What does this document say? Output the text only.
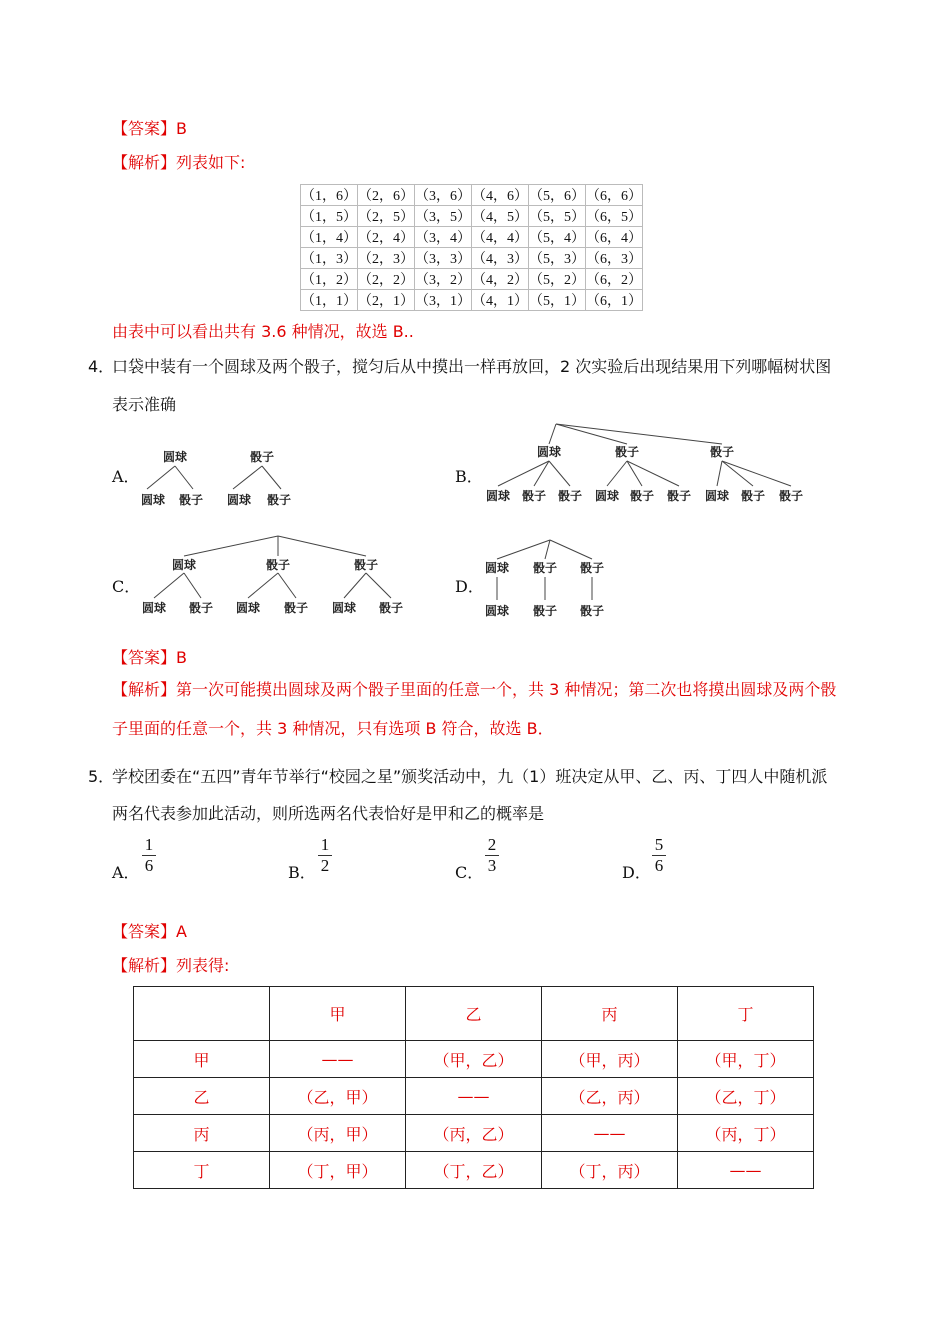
【答案】B
【解析】列表如下:
（1，6）	（2，6）	（3，6）	（4，6）	（5，6）	（6，6）
（1，5）	（2，5）	（3，5）	（4，5）	（5，5）	（6，5）
（1，4）	（2，4）	（3，4）	（4，4）	（5，4）	（6，4）
（1，3）	（2，3）	（3，3）	（4，3）	（5，3）	（6，3）
（1，2）	（2，2）	（3，2）	（4，2）	（5，2）	（6，2）
（1，1）	（2，1）	（3，1）	（4，1）	（5，1）	（6，1）
由表中可以看出共有 3.6 种情况，故选 B..
4．
口袋中装有一个圆球及两个骰子，搅匀后从中摸出一样再放回，2 次实验后出现结果用下列哪幅树状图
表示准确
A．	B．
C．	D．
圆球
圆球 骰子
骰子
圆球 骰子
圆球
圆球 骰子 骰子
骰子
圆球 骰子 骰子
骰子
圆球 骰子 骰子
圆球
圆球 骰子
骰子
圆球 骰子
骰子
圆球 骰子
圆球
圆球
骰子
骰子
骰子
骰子
【答案】B
【解析】第一次可能摸出圆球及两个骰子里面的任意一个，共 3 种情况；第二次也将摸出圆球及两个骰
子里面的任意一个，共 3 种情况，只有选项 B 符合，故选 B．
5．
学校团委在“五四”青年节举行“校园之星”颁奖活动中，九（1）班决定从甲、乙、丙、丁四人中随机派
两名代表参加此活动，则所选两名代表恰好是甲和乙的概率是
A． $\frac{1}{6}$	B． $\frac{1}{2}$	C． $\frac{2}{3}$	D． $\frac{5}{6}$
【答案】A
【解析】列表得:
	甲	乙	丙	丁
甲	——	（甲，乙）	（甲，丙）	（甲，丁）
乙	（乙，甲）	——	（乙，丙）	（乙，丁）
丙	（丙，甲）	（丙，乙）	——	（丙，丁）
丁	（丁，甲）	（丁，乙）	（丁，丙）	——
